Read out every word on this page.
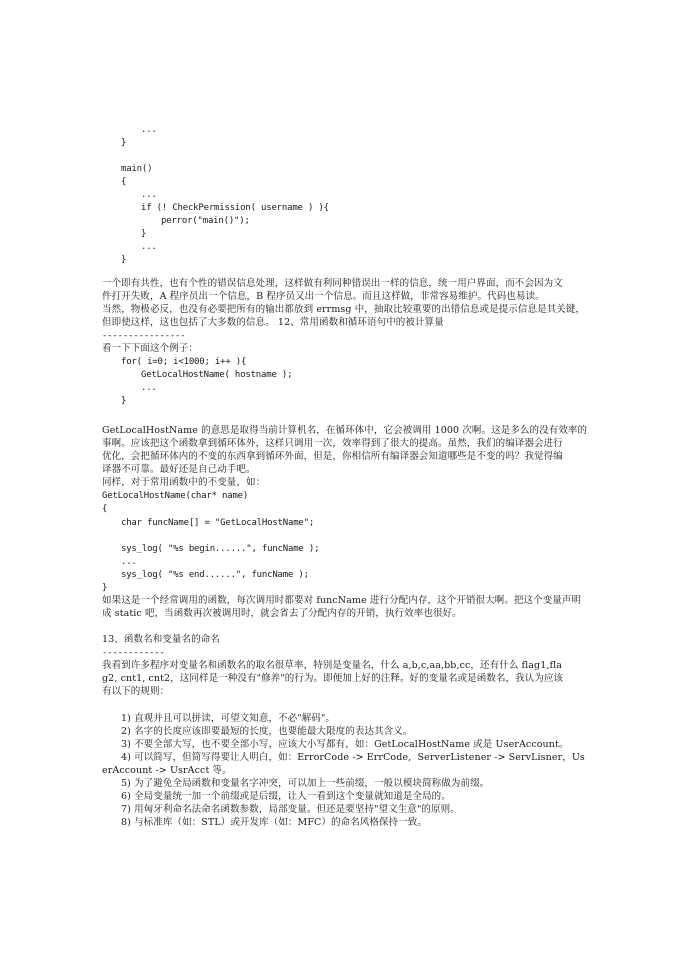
...
}
main()
{
...
if (! CheckPermission( username ) ){
perror("main()");
}
...
}
一个即有共性，也有个性的错误信息处理，这样做有利同种错误出一样的信息，统一用户界面，而不会因为文
件打开失败，A 程序员出一个信息，B 程序员又出一个信息。而且这样做，非常容易维护。代码也易读。
当然，物极必反，也没有必要把所有的输出都放到 errmsg 中，抽取比较重要的出错信息或是提示信息是其关键，
但即使这样，这也包括了大多数的信息。 12、常用函数和循环语句中的被计算量
----------------
看一下下面这个例子：
for( i=0; i<1000; i++ ){
GetLocalHostName( hostname );
...
}
GetLocalHostName 的意思是取得当前计算机名，在循环体中，它会被调用 1000 次啊。这是多么的没有效率的
事啊。应该把这个函数拿到循环体外，这样只调用一次，效率得到了很大的提高。虽然，我们的编译器会进行
优化，会把循环体内的不变的东西拿到循环外面，但是，你相信所有编译器会知道哪些是不变的吗？我觉得编
译器不可靠。最好还是自己动手吧。
同样，对于常用函数中的不变量，如：
GetLocalHostName(char* name)
{
char funcName[] = "GetLocalHostName";
sys_log( "%s begin......", funcName );
...
sys_log( "%s end......", funcName );
}
如果这是一个经常调用的函数，每次调用时都要对 funcName 进行分配内存，这个开销很大啊。把这个变量声明
成 static 吧，当函数再次被调用时，就会省去了分配内存的开销，执行效率也很好。
13、函数名和变量名的命名
------------
我看到许多程序对变量名和函数名的取名很草率，特别是变量名，什么 a,b,c,aa,bb,cc，还有什么 flag1,fla
g2, cnt1, cnt2，这同样是一种没有"修养"的行为。即便加上好的注释。好的变量名或是函数名，我认为应该
有以下的规则：
1) 直观并且可以拼读，可望文知意，不必"解码"。
2) 名字的长度应该即要最短的长度，也要能最大限度的表达其含义。
3) 不要全部大写，也不要全部小写，应该大小写都有，如：GetLocalHostName 或是 UserAccount。
4) 可以简写，但简写得要让人明白，如：ErrorCode -> ErrCode,  ServerListener -> ServLisner，Us
erAccount -> UsrAcct 等。
5) 为了避免全局函数和变量名字冲突，可以加上一些前缀，一般以模块简称做为前缀。
6) 全局变量统一加一个前缀或是后缀，让人一看到这个变量就知道是全局的。
7) 用匈牙利命名法命名函数参数，局部变量。但还是要坚持"望文生意"的原则。
8) 与标准库（如：STL）或开发库（如：MFC）的命名风格保持一致。
